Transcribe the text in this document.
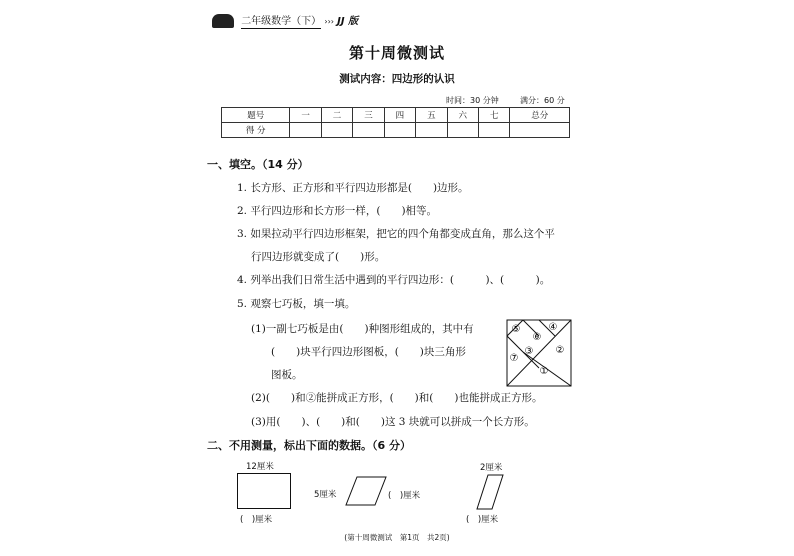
二年级数学（下） ››› JJ 版
第十周微测试
测试内容：四边形的认识
时间：30 分钟	满分：60 分
题号	一	二	三	四	五	六	七	总分
得 分								
一、填空。（14 分）
1. 长方形、正方形和平行四边形都是(　　)边形。
2. 平行四边形和长方形一样，(　　)相等。
3. 如果拉动平行四边形框架，把它的四个角都变成直角，那么这个平
行四边形就变成了(　　)形。
4. 列举出我们日常生活中遇到的平行四边形：(　　　)、(　　　)。
5. 观察七巧板，填一填。
(1)一副七巧板是由(　　)种图形组成的，其中有
(　　)块平行四边形图板，(　　)块三角形
图板。
(2)(　　)和②能拼成正方形，(　　)和(　　)也能拼成正方形。
(3)用(　　)、(　　)和(　　)这 3 块就可以拼成一个长方形。
⑤	④
⑥
⑦
③ ②
①
二、不用测量，标出下面的数据。（6 分）
12厘米
(　)厘米
5厘米	(　)厘米
2厘米
(　)厘米
(第十周微测试　第1页　共2页)
